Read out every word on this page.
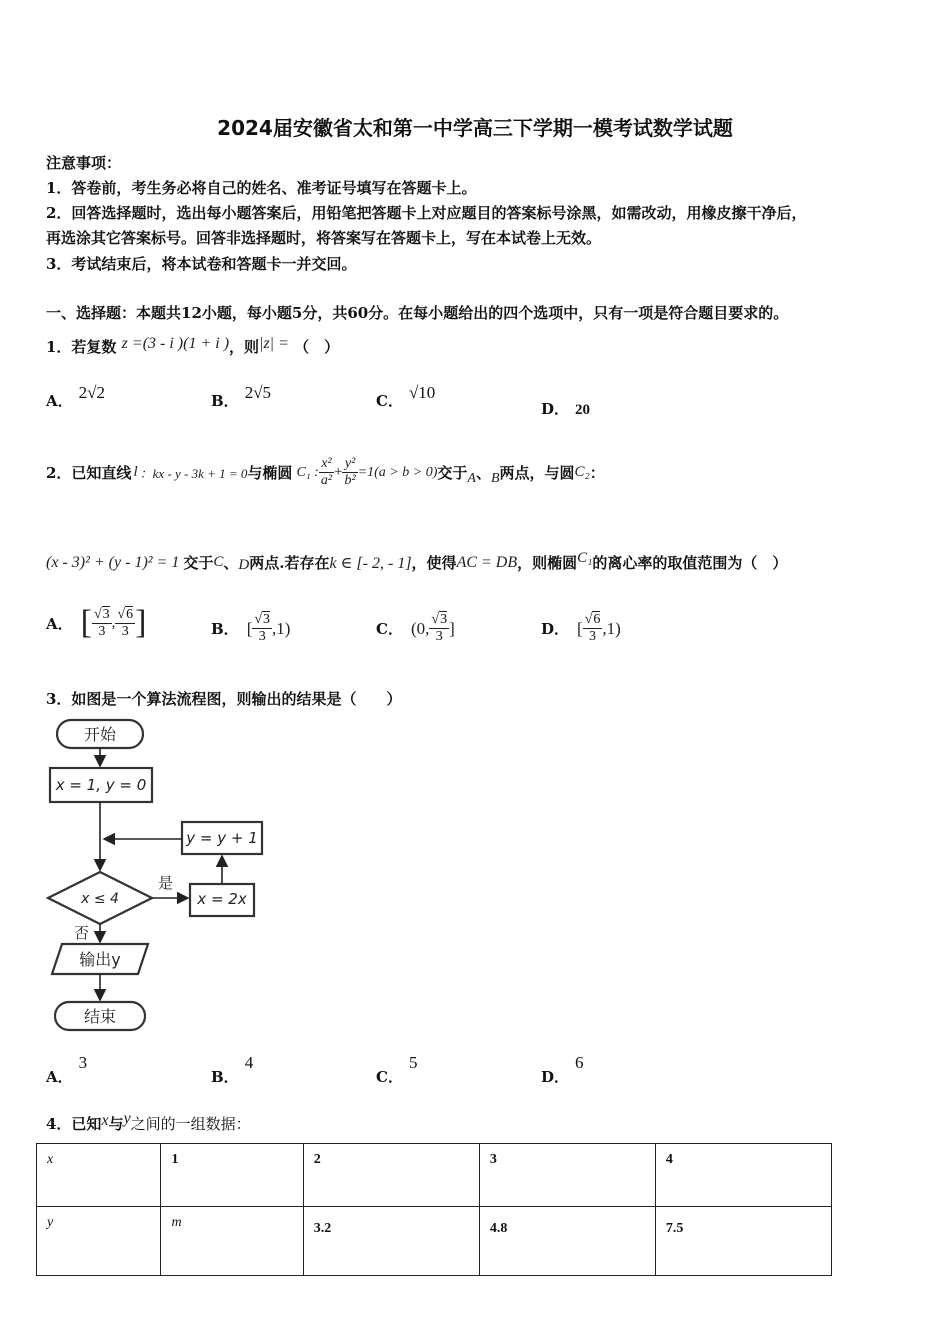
2024届安徽省太和第一中学高三下学期一模考试数学试题
注意事项：
1．答卷前，考生务必将自己的姓名、准考证号填写在答题卡上。
2．回答选择题时，选出每小题答案后，用铅笔把答题卡上对应题目的答案标号涂黑，如需改动，用橡皮擦干净后，
再选涂其它答案标号。回答非选择题时，将答案写在答题卡上，写在本试卷上无效。
3．考试结束后，将本试卷和答题卡一并交回。
一、选择题：本题共12小题，每小题5分，共60分。在每小题给出的四个选项中，只有一项是符合题目要求的。
1．若复数 z =(3 - i )(1 + i )，则|z| = （　）
A． 2√2	B． 2√5	C． √10
D． 20
2．已知直线 l ：kx - y - 3k + 1 = 0 与椭圆 C₁ : $\frac{\text{x²}}{\text{a²}} + \frac{\text{y²}}{\text{b²}} =1(a > b > 0)$ 交于 A 、 B 两点，与圆 C₂ ：
(x - 3)² + (y - 1)² = 1 交于 C 、 D 两点.若存在 k ∈ [- 2, - 1] ，使得 AC = DB ，则椭圆 C₁ 的离心率的取值范围为（　）
A． [ $\frac{√3}{3}$ , $\frac{√6}{3}$ ]	B． [ $\frac{√3}{3} ,1$)	C． (0, $\frac{√3}{3}$ ]	D． [ $\frac{√6}{3} ,1$)
3．如图是一个算法流程图，则输出的结果是（　　）
开始
x = 1, y = 0
y = y + 1
x ≤ 4
是
否
x = 2x
输出y
结束
A．3
B．4
C．5
D．6
4．已知x与y之间的一组数据：
x	1	2	3	4
y	m	3.2	4.8	7.5
